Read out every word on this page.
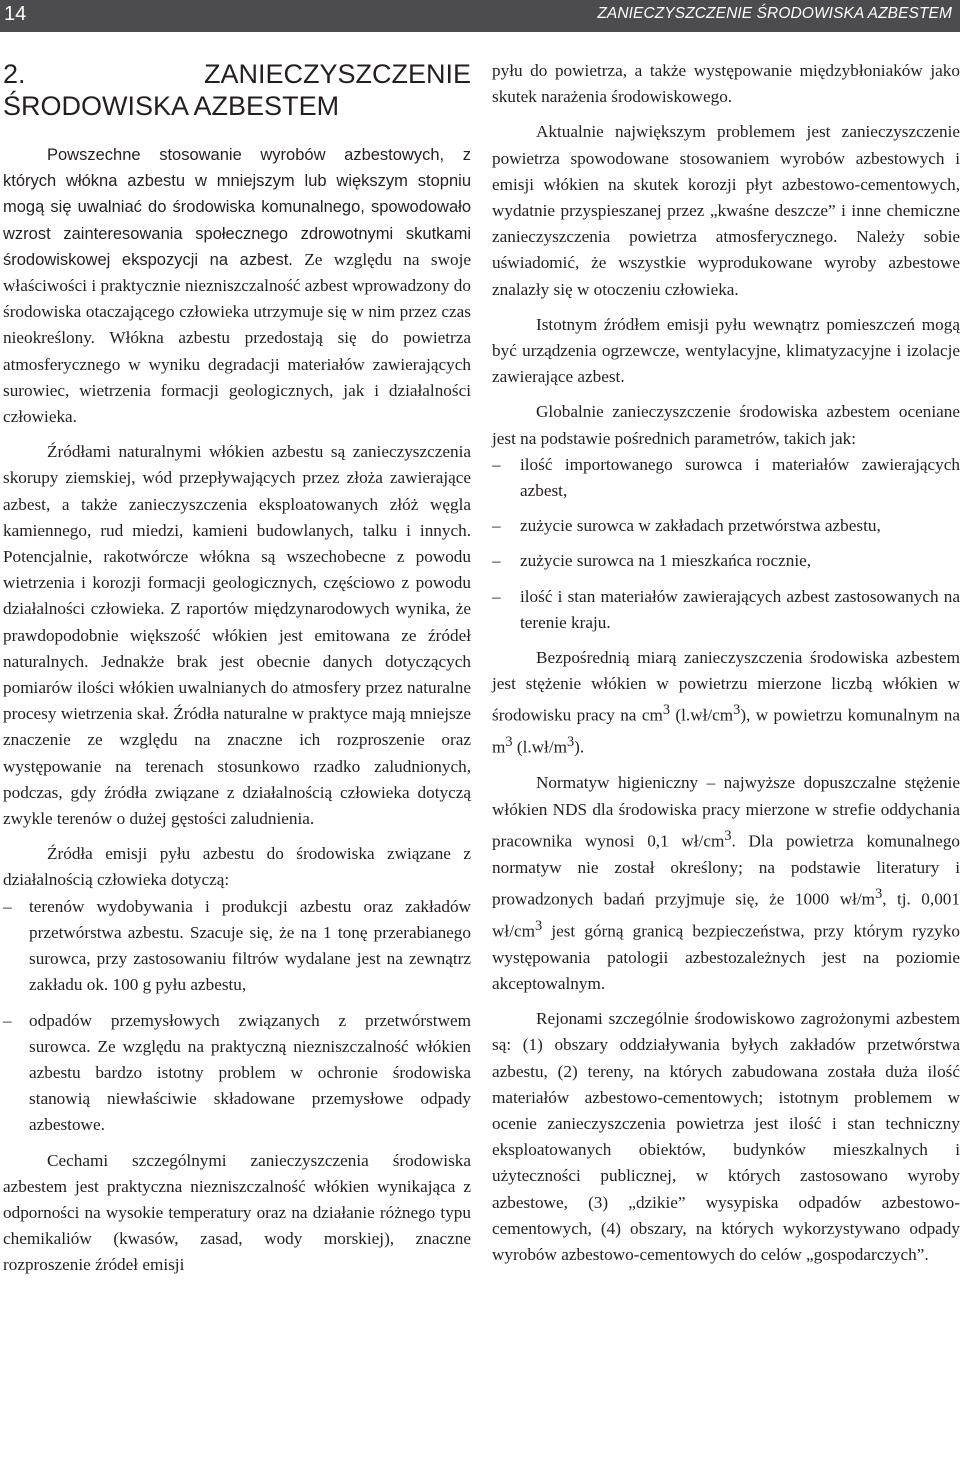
14	ZANIECZYSZCZENIE ŚRODOWISKA AZBESTEM
2. ZANIECZYSZCZENIE ŚRODOWISKA AZBESTEM

Powszechne stosowanie wyrobów azbestowych, z których włókna azbestu w mniejszym lub większym stopniu mogą się uwalniać do środowiska komunalnego, spowodowało wzrost zainteresowania społecznego zdrowotnymi skutkami środowiskowej ekspozycji na azbest. Ze względu na swoje właściwości i praktycznie niezniszczalność azbest wprowadzony do środowiska otaczającego człowieka utrzymuje się w nim przez czas nieokreślony. Włókna azbestu przedostają się do powietrza atmosferycznego w wyniku degradacji materiałów zawierających surowiec, wietrzenia formacji geologicznych, jak i działalności człowieka.

Źródłami naturalnymi włókien azbestu są zanieczyszczenia skorupy ziemskiej, wód przepływających przez złoża zawierające azbest, a także zanieczyszczenia eksploatowanych złóż węgla kamiennego, rud miedzi, kamieni budowlanych, talku i innych. Potencjalnie, rakotwórcze włókna są wszechobecne z powodu wietrzenia i korozji formacji geologicznych, częściowo z powodu działalności człowieka. Z raportów międzynarodowych wynika, że prawdopodobnie większość włókien jest emitowana ze źródeł naturalnych. Jednakże brak jest obecnie danych dotyczących pomiarów ilości włókien uwalnianych do atmosfery przez naturalne procesy wietrzenia skał. Źródła naturalne w praktyce mają mniejsze znaczenie ze względu na znaczne ich rozproszenie oraz występowanie na terenach stosunkowo rzadko zaludnionych, podczas, gdy źródła związane z działalnością człowieka dotyczą zwykle terenów o dużej gęstości zaludnienia.

Źródła emisji pyłu azbestu do środowiska związane z działalnością człowieka dotyczą:

– terenów wydobywania i produkcji azbestu oraz zakładów przetwórstwa azbestu. Szacuje się, że na 1 tonę przerabianego surowca, przy zastosowaniu filtrów wydalane jest na zewnątrz zakładu ok. 100 g pyłu azbestu,
– odpadów przemysłowych związanych z przetwórstwem surowca. Ze względu na praktyczną niezniszczalność włókien azbestu bardzo istotny problem w ochronie środowiska stanowią niewłaściwie składowane przemysłowe odpady azbestowe.

Cechami szczególnymi zanieczyszczenia środowiska azbestem jest praktyczna niezniszczalność włókien wynikająca z odporności na wysokie temperatury oraz na działanie różnego typu chemikaliów (kwasów, zasad, wody morskiej), znaczne rozproszenie źródeł emisji

pyłu do powietrza, a także występowanie międzybłoniaków jako skutek narażenia środowiskowego.

Aktualnie największym problemem jest zanieczyszczenie powietrza spowodowane stosowaniem wyrobów azbestowych i emisji włókien na skutek korozji płyt azbestowo-cementowych, wydatnie przyspieszanej przez „kwaśne deszcze” i inne chemiczne zanieczyszczenia powietrza atmosferycznego. Należy sobie uświadomić, że wszystkie wyprodukowane wyroby azbestowe znalazły się w otoczeniu człowieka.

Istotnym źródłem emisji pyłu wewnątrz pomieszczeń mogą być urządzenia ogrzewcze, wentylacyjne, klimatyzacyjne i izolacje zawierające azbest.

Globalnie zanieczyszczenie środowiska azbestem oceniane jest na podstawie pośrednich parametrów, takich jak:

– ilość importowanego surowca i materiałów zawierających azbest,
– zużycie surowca w zakładach przetwórstwa azbestu,
– zużycie surowca na 1 mieszkańca rocznie,
– ilość i stan materiałów zawierających azbest zastosowanych na terenie kraju.

Bezpośrednią miarą zanieczyszczenia środowiska azbestem jest stężenie włókien w powietrzu mierzone liczbą włókien w środowisku pracy na $cm^3$ $(l.wł/cm^3)$, w powietrzu komunalnym na $m^3$ $(l.wł/m^3)$.

Normatyw higieniczny – najwyższe dopuszczalne stężenie włókien NDS dla środowiska pracy mierzone w strefie oddychania pracownika wynosi 0,1 $wł/cm^3$. Dla powietrza komunalnego normatyw nie został określony; na podstawie literatury i prowadzonych badań przyjmuje się, że 1000 $wł/m^3$, tj. 0,001 $wł/cm^3$ jest górną granicą bezpieczeństwa, przy którym ryzyko występowania patologii azbestozależnych jest na poziomie akceptowalnym.

Rejonami szczególnie środowiskowo zagrożonymi azbestem są: (1) obszary oddziaływania byłych zakładów przetwórstwa azbestu, (2) tereny, na których zabudowana została duża ilość materiałów azbestowo-cementowych; istotnym problemem w ocenie zanieczyszczenia powietrza jest ilość i stan techniczny eksploatowanych obiektów, budynków mieszkalnych i użyteczności publicznej, w których zastosowano wyroby azbestowe, (3) „dzikie” wysypiska odpadów azbestowo-cementowych, (4) obszary, na których wykorzystywano odpady wyrobów azbestowo-cementowych do celów „gospodarczych”.
